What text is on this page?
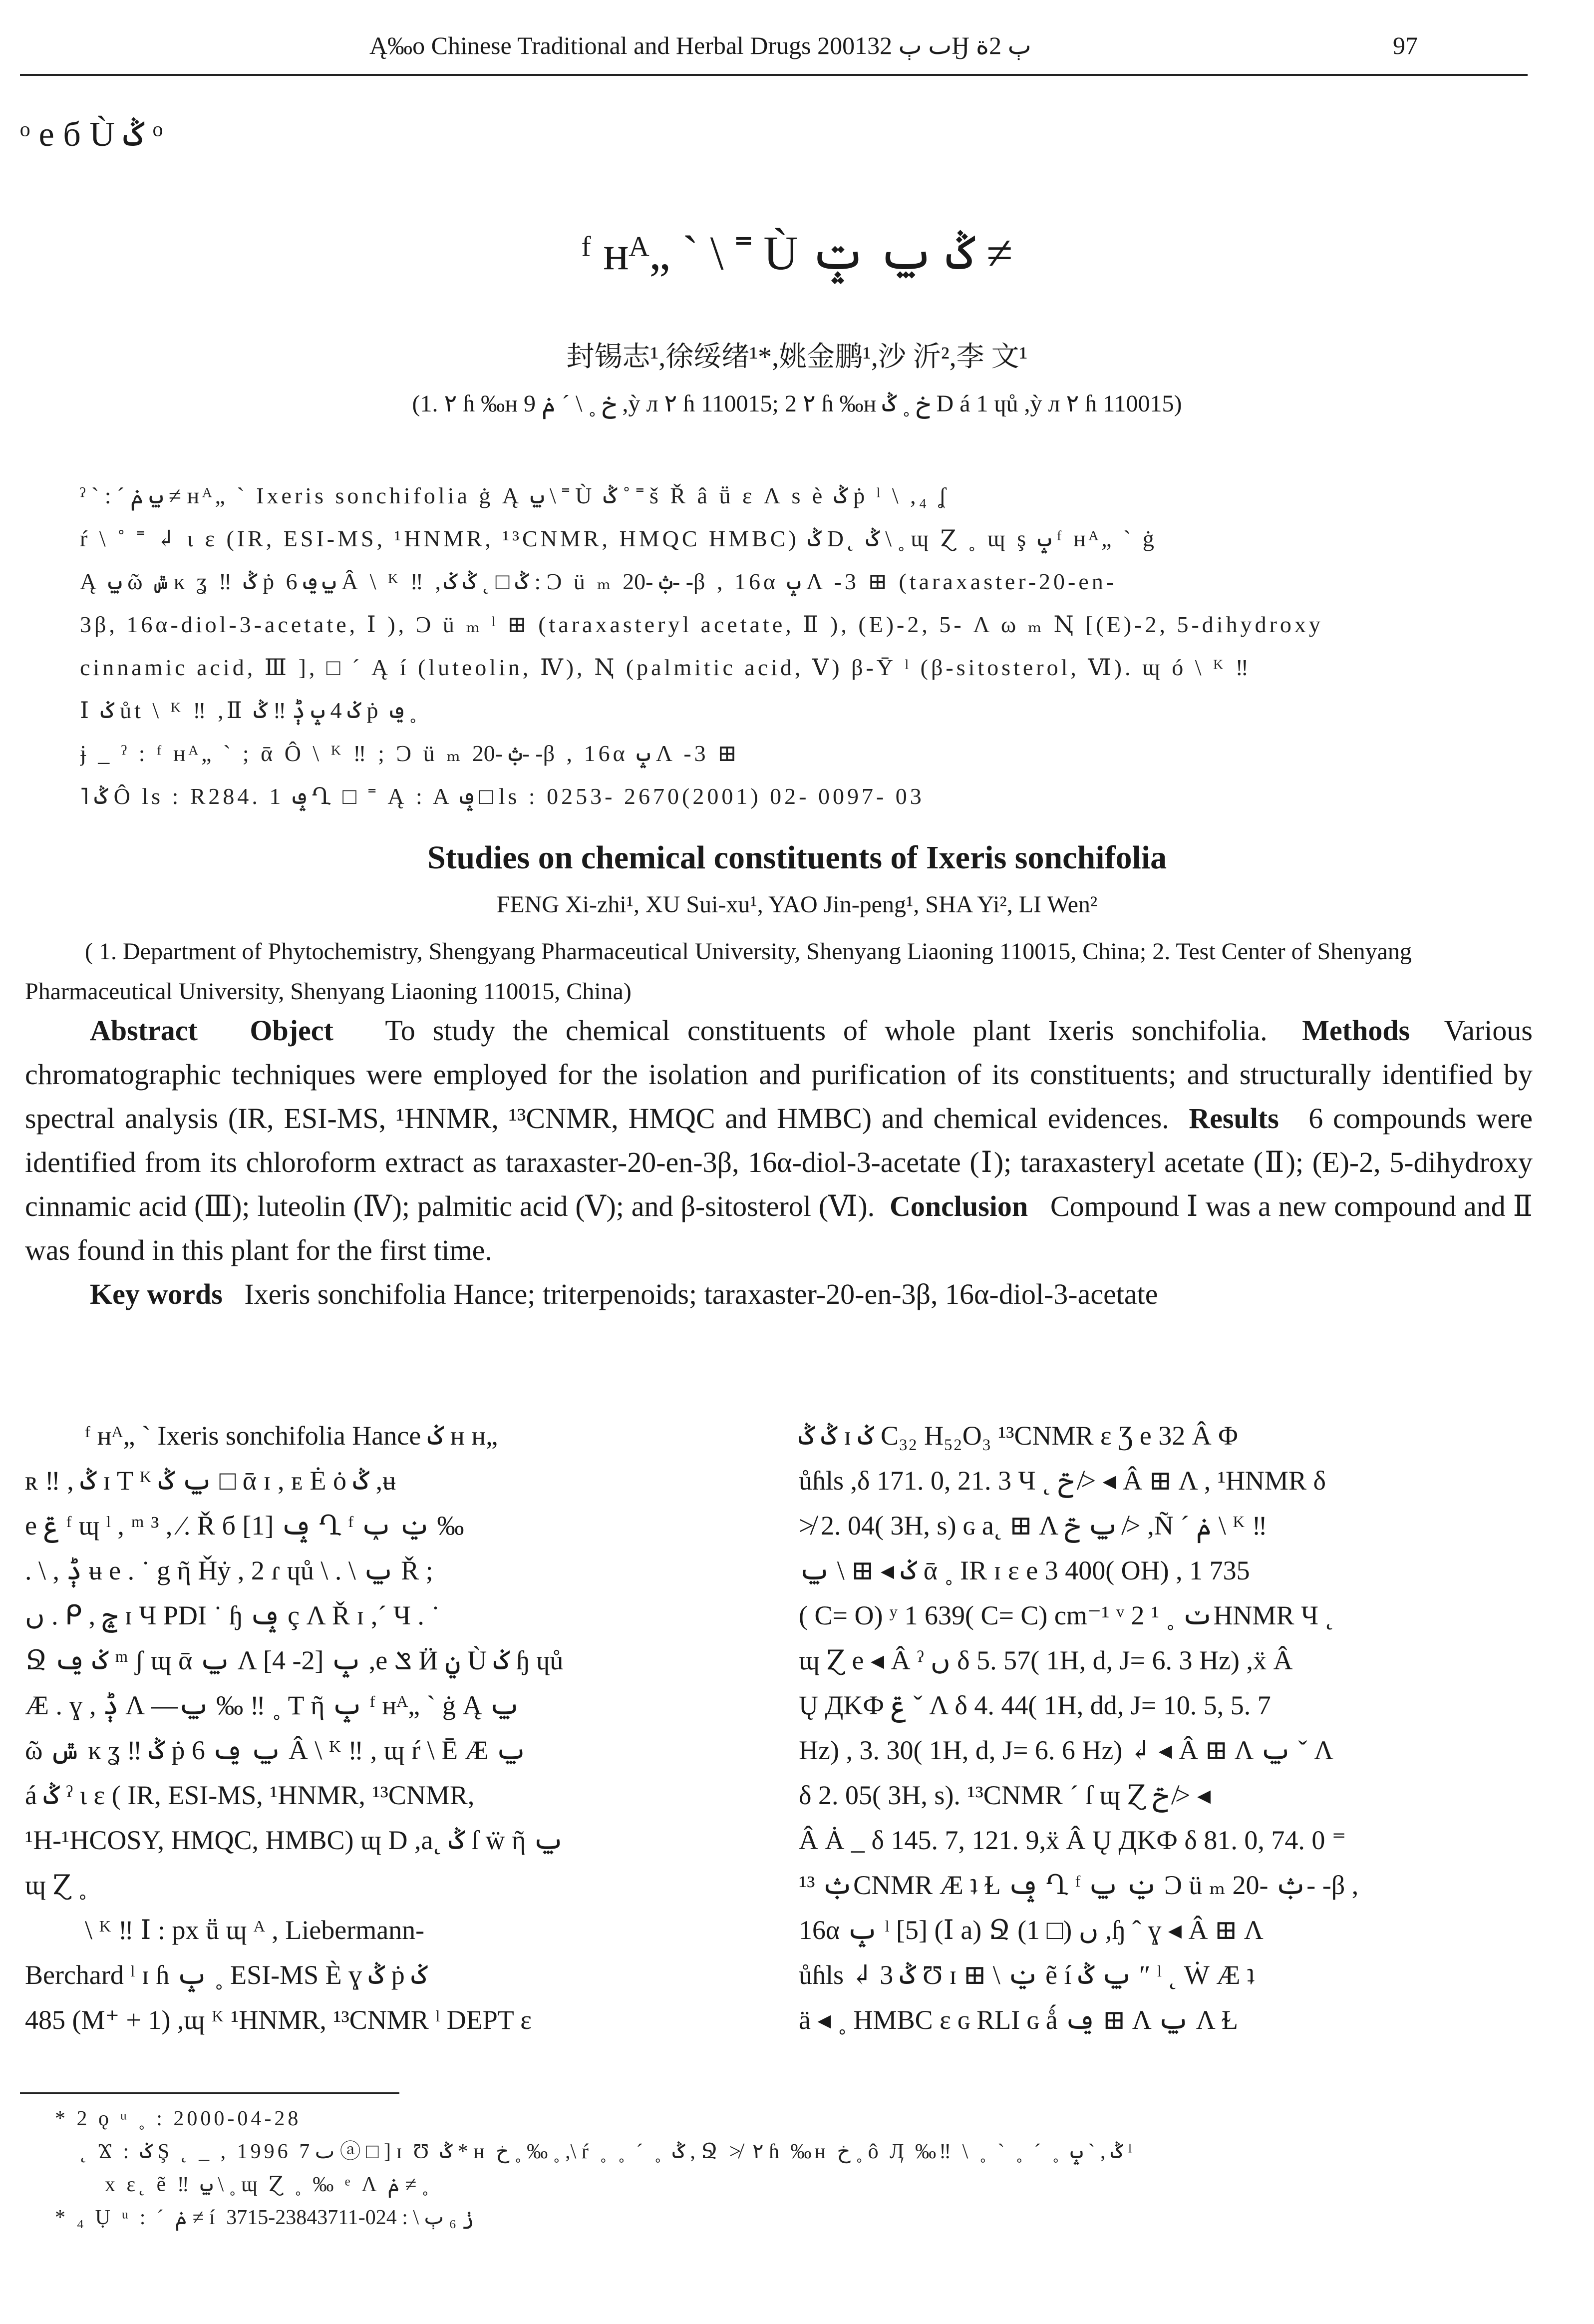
Ą‰o Chinese Traditional and Herbal Drugs 2001ٮ ٻ 32Ӈ ٻ 2ة	97
ᵒ e б Ù ݣ ᵒ
ᶠ ʜᴬ„ ` \ ˭ Ù ݣ ݐ ݓ ≠
封锡志¹,徐绥绪¹*,姚金鹏¹,沙 沂²,李 文¹
(1. ٢ ɦ ‰ʜ خ ˳ \ ˊ ݥ 9 ,ỳ л ٢ ɦ 110015; 2 ٢ ɦ ‰ʜ خ ˳ ݣ D á 1 ɥů ,ỳ л ٢ ɦ 110015)
ˀ ˋ : ˊ ݐ ݥ ≠ ʜᴬ„ ` Ixeris sonchifolia ġ Ą ݐ \ ˭ Ù ݣ ˚ ˭ š Ř â ṻ ɛ Λ s è ݣ ṗ ˡ \ ,₄ ʆ
ŕ \ ˚ ˭ ↲ ι ɛ (IR, ESI-MS, ¹HNMR, ¹³CNMR, HMQC HMBC) ݣ D˛ ݣ \ ˳ ɰ Ɀ ˳ ɰ ş ݒ ᶠ ʜᴬ„ ` ġ
Ą ݐ ῶ ݜ ĸ ʓ ‼ ݣ ṗ ݐ ݠ 6 Â \ ᴷ ‼ ,ݣ □ ˛ ݣ ݢ : Ɔ ü ₘ ݑ -20- -β , 16α ݒ Λ -3 ⊞ (taraxaster-20-en-
3β, 16α-diol-3-acetate, Ⅰ ), Ɔ ü ₘ ˡ ⊞ (taraxasteryl acetate, Ⅱ ), (E)-2, 5- Λ ω ₘ Ꞑ [(E)-2, 5-dihydroxy
cinnamic acid, Ⅲ ], □ ˊ Ą í (luteolin, Ⅳ), Ꞑ (palmitic acid, Ⅴ) β-Ȳ ˡ (β-sitosterol, Ⅵ). ɰ ó \ ᴷ ‼
Ⅰ ݢ ůt \ ᴷ ‼ ,Ⅱ ݢ 4 ݒ ݙ ‼ ݣ ṗ ݠ ˳
ɉ _ ˀ : ᶠ ʜᴬ„ ` ; ᾱ Ô \ ᴷ ‼ ; Ɔ ü ₘ ݑ -20- -β , 16α ݒ Λ -3 ⊞
˥ ݣ Ô ls : R284. 1 ݡ Ղ □ ˭ Ą : A ݡ □ ls : 0253- 2670(2001) 02- 0097- 03
Studies on chemical constituents of Ixeris sonchifolia
FENG Xi-zhi¹, XU Sui-xu¹, YAO Jin-peng¹, SHA Yi², LI Wen²
( 1. Department of Phytochemistry, Shengyang Pharmaceutical University, Shenyang Liaoning 110015, China; 2. Test Center of Shenyang Pharmaceutical University, Shenyang Liaoning 110015, China)
Abstract Object To study the chemical constituents of whole plant Ixeris sonchifolia. Methods Various chromatographic techniques were employed for the isolation and purification of its constituents; and structurally identified by spectral analysis (IR, ESI-MS, ¹HNMR, ¹³CNMR, HMQC and HMBC) and chemical evidences. Results 6 compounds were identified from its chloroform extract as taraxaster-20-en-3β, 16α-diol-3-acetate (Ⅰ); taraxasteryl acetate (Ⅱ); (E)-2, 5-dihydroxy cinnamic acid (Ⅲ); luteolin (Ⅳ); palmitic acid (Ⅴ); and β-sitosterol (Ⅵ). Conclusion Compound Ⅰ was a new compound and Ⅱ was found in this plant for the first time.
Key words Ixeris sonchifolia Hance; triterpenoids; taraxaster-20-en-3β, 16α-diol-3-acetate
ᶠ ʜᴬ„ ` Ixeris sonchifolia Hance ݢ ʜ ʜ„
ʀ ‼ , ݣ ɪ T ᴷ ݐ ݣ □ ᾱ ɪ , ᴇ Ė ȯ ݣ ,ʉ
e ݝ ᶠ ɰ ˡ , ᵐ ³ , ⁄. Ř б [1] ݡ Ղ ᶠ ݔ ݕ ‰
. \ , ݙ ʉ e . ˙ g ῆ Ȟẏ , 2 ɾ ɥů \ . \ ݐ Ř ;
ں . ᑭ , ݘ ɪ Ч PDI ˙ ɧ ݡ ç Λ Ř ɪ ,ˊ Ч . ˙
Ջ ݢ ݠ ᵐ ʃ ɰ ᾱ ݐ Λ ݒ [2- 4] ,e ݏ Ӥ ݧ Ù ݢ ɧ ɥů
Æ . ɣ , ݙ Λ —ݐ ‰ ‼ ˳ T ῆ ݒ ᶠ ʜᴬ„ ` ġ Ą ݐ
ῶ ݜ ĸ ʓ ‼ ݣ ṗ ݐ ݠ 6 Â \ ᴷ ‼ , ɰ ŕ \ Ē Æ ݐ
á ݣ ˀ ι ɛ ( IR, ESI-MS, ¹HNMR, ¹³CNMR,
¹H-¹HCOSY, HMQC, HMBC) ɰ D ,a˛ ݣ ſ ẅ ῆ ݐ
ɰ Ɀ ˳
\ ᴷ ‼ Ⅰ : px ṻ ɰ ᴬ , Liebermann-
Berchard ˡ ɪ ɦ ݒ ˳ ESI-MS È ɣ ݣ ṗ ݢ
485 (M⁺ + 1) ,ɰ ᴷ ¹HNMR, ¹³CNMR ˡ DEPT ɛ
ݣ ݣ ɪ ݢ C₃₂ H₅₂O₃ ¹³CNMR ɛ Ʒ e 32 Â Φ
ůɦls ,δ 171. 0, 21. 3 Ч ˛ ݗ ≯ ◂ Â ⊞ Λ , ¹HNMR δ
≯ 2. 04( 3H, s) ɢ a˛ ⊞ Λ ݐ ݗ ≯ ,Ñ ˊ ݥ \ ᴷ ‼
ݢ ◂ ⊞ \ ݐ ᾱ ˳ IR ɪ ɛ e 3 400( OH) , 1 735
( C= O) ʸ 1 639( C= C) cm⁻¹ ᵛ 2 ݖ ˳ ¹HNMR Ч ˛
ɰ Ɀ e ◂ Â ˀ ں δ 5. 57( 1H, d, J= 6. 3 Hz) ,ẍ Â
Ų ДKФ ݝ ˇ Λ δ 4. 44( 1H, dd, J= 10. 5, 5. 7
Hz) , 3. 30( 1H, d, J= 6. 6 Hz) ↲ ◂ Â ⊞ Λ ݐ ˇ Λ
δ 2. 05( 3H, s). ¹³CNMR ˊ ſ ɰ Ɀ ݗ ≯ ◂
Â Ȧ _ δ 145. 7, 121. 9,ẍ Â Ų ДKФ δ 81. 0, 74. 0 ⁼
ݑ ¹³CNMR Æ ʇ Ɫ ݡ Ղ ᶠ ݔ ݐ Ɔ ü ₘ ݑ -20- -β ,
16α ݒ ˡ [5] (Ⅰ a) Ջ ں (□ 1) ,ɧ ˆ ɣ ◂ Â ⊞ Λ
ůɦls ↲ 3 ݣ Ʊ ɪ ⊞ \ ݔ ẽ í ݐ ݣ ″ ˡ ˛ Ẇ Æ ʇ
ä ◂ ˳ HMBC ɛ ɢ RLI ɢ ǻ ݠ ⊞ Λ ݐ Λ Ɫ
* 2 ǫ ᵘ ˳ : 2000-04-28
˛ Ϫ : ݢ Ş ˛ _ , 1996 ٮ 7 ⓐ □ ] ɪ Ʊ ݣ * ʜ خ ˳ ‰ ˳ ,\ ŕ ˳ ˳ ˊ ˳ ݣ , Ջ ≯ ٢ ɦ ‰ʜ خ ˳ ô Ӆ ‰‼ \ ˳ ` ˳ ˊ ˳ ݣ , ˋ ݒ ˡ
x ɛ˛ ẽ ‼ ݐ \ ˳ ɰ Ɀ ˳ ‰ ᵉ Λ ݥ ≠ ˳
* ₄ Ụ ᵘ : ˊ ݥ ≠ í ݫ ₆ ٻ \ : 024-23843711-3715
